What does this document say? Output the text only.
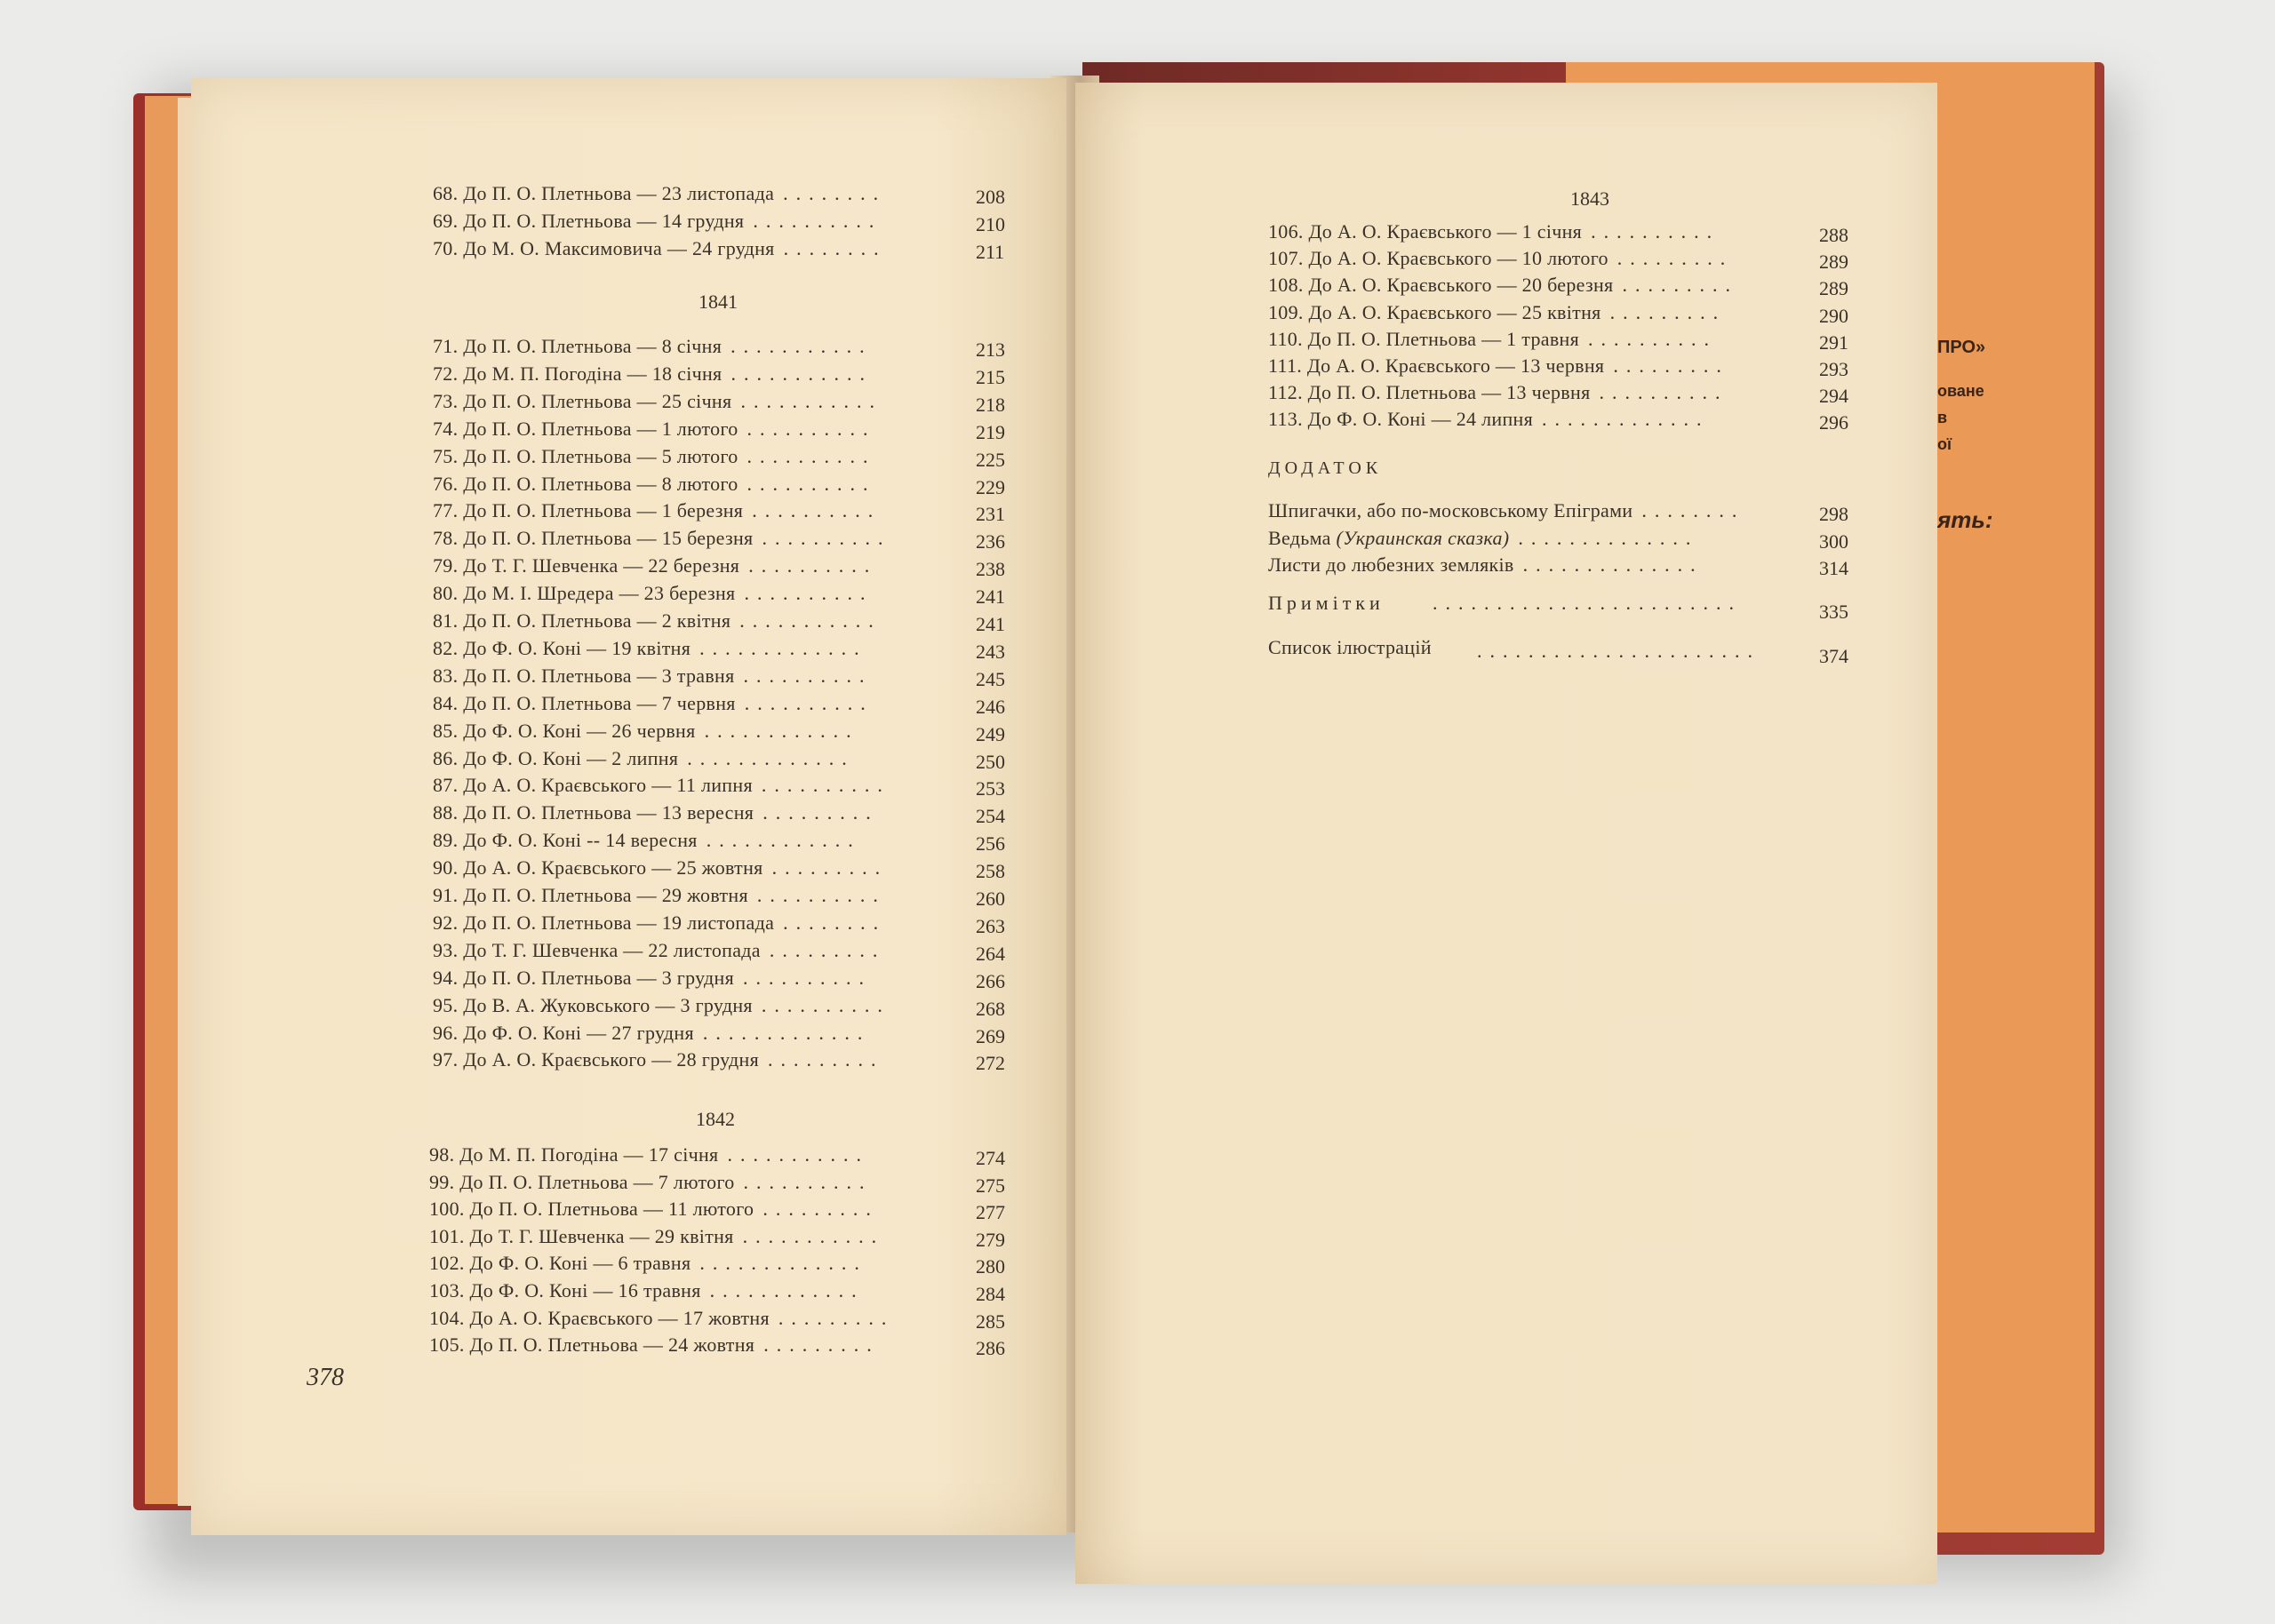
ПРО»
оване
в
ої
ять:
68. До П. О. Плетньова — 23 листопада ........	208
69. До П. О. Плетньова — 14 грудня ..........	210
70. До М. О. Максимовича — 24 грудня ........	211
1841
71. До П. О. Плетньова — 8 січня ...........	213
72. До М. П. Погодіна — 18 січня ...........	215
73. До П. О. Плетньова — 25 січня ...........	218
74. До П. О. Плетньова — 1 лютого ..........	219
75. До П. О. Плетньова — 5 лютого ..........	225
76. До П. О. Плетньова — 8 лютого ..........	229
77. До П. О. Плетньова — 1 березня ..........	231
78. До П. О. Плетньова — 15 березня ..........	236
79. До Т. Г. Шевченка — 22 березня ..........	238
80. До М. І. Шредера — 23 березня ..........	241
81. До П. О. Плетньова — 2 квітня ...........	241
82. До Ф. О. Коні — 19 квітня .............	243
83. До П. О. Плетньова — 3 травня ..........	245
84. До П. О. Плетньова — 7 червня ..........	246
85. До Ф. О. Коні — 26 червня ............	249
86. До Ф. О. Коні — 2 липня .............	250
87. До А. О. Краєвського — 11 липня ..........	253
88. До П. О. Плетньова — 13 вересня .........	254
89. До Ф. О. Коні -- 14 вересня ............	256
90. До А. О. Краєвського — 25 жовтня .........	258
91. До П. О. Плетньова — 29 жовтня ..........	260
92. До П. О. Плетньова — 19 листопада ........	263
93. До Т. Г. Шевченка — 22 листопада .........	264
94. До П. О. Плетньова — 3 грудня ..........	266
95. До В. А. Жуковського — 3 грудня ..........	268
96. До Ф. О. Коні — 27 грудня .............	269
97. До А. О. Краєвського — 28 грудня .........	272
1842
98. До М. П. Погодіна — 17 січня ...........	274
99. До П. О. Плетньова — 7 лютого ..........	275
100. До П. О. Плетньова — 11 лютого .........	277
101. До Т. Г. Шевченка — 29 квітня ...........	279
102. До Ф. О. Коні — 6 травня .............	280
103. До Ф. О. Коні — 16 травня ............	284
104. До А. О. Краєвського — 17 жовтня .........	285
105. До П. О. Плетньова — 24 жовтня .........	286
1843
106. До А. О. Краєвського — 1 січня ..........	288
107. До А. О. Краєвського — 10 лютого .........	289
108. До А. О. Краєвського — 20 березня .........	289
109. До А. О. Краєвського — 25 квітня .........	290
110. До П. О. Плетньова — 1 травня ..........	291
111. До А. О. Краєвського — 13 червня .........	293
112. До П. О. Плетньова — 13 червня ..........	294
113. До Ф. О. Коні — 24 липня .............	296
ДОДАТОК
Шпигачки, або по-московському Епіграми ........	298
Ведьма (Украинская сказка) ..............	300
Листи до любезних земляків ..............	314
Примітки ........................	335
Список ілюстрацій ......................	374
378
